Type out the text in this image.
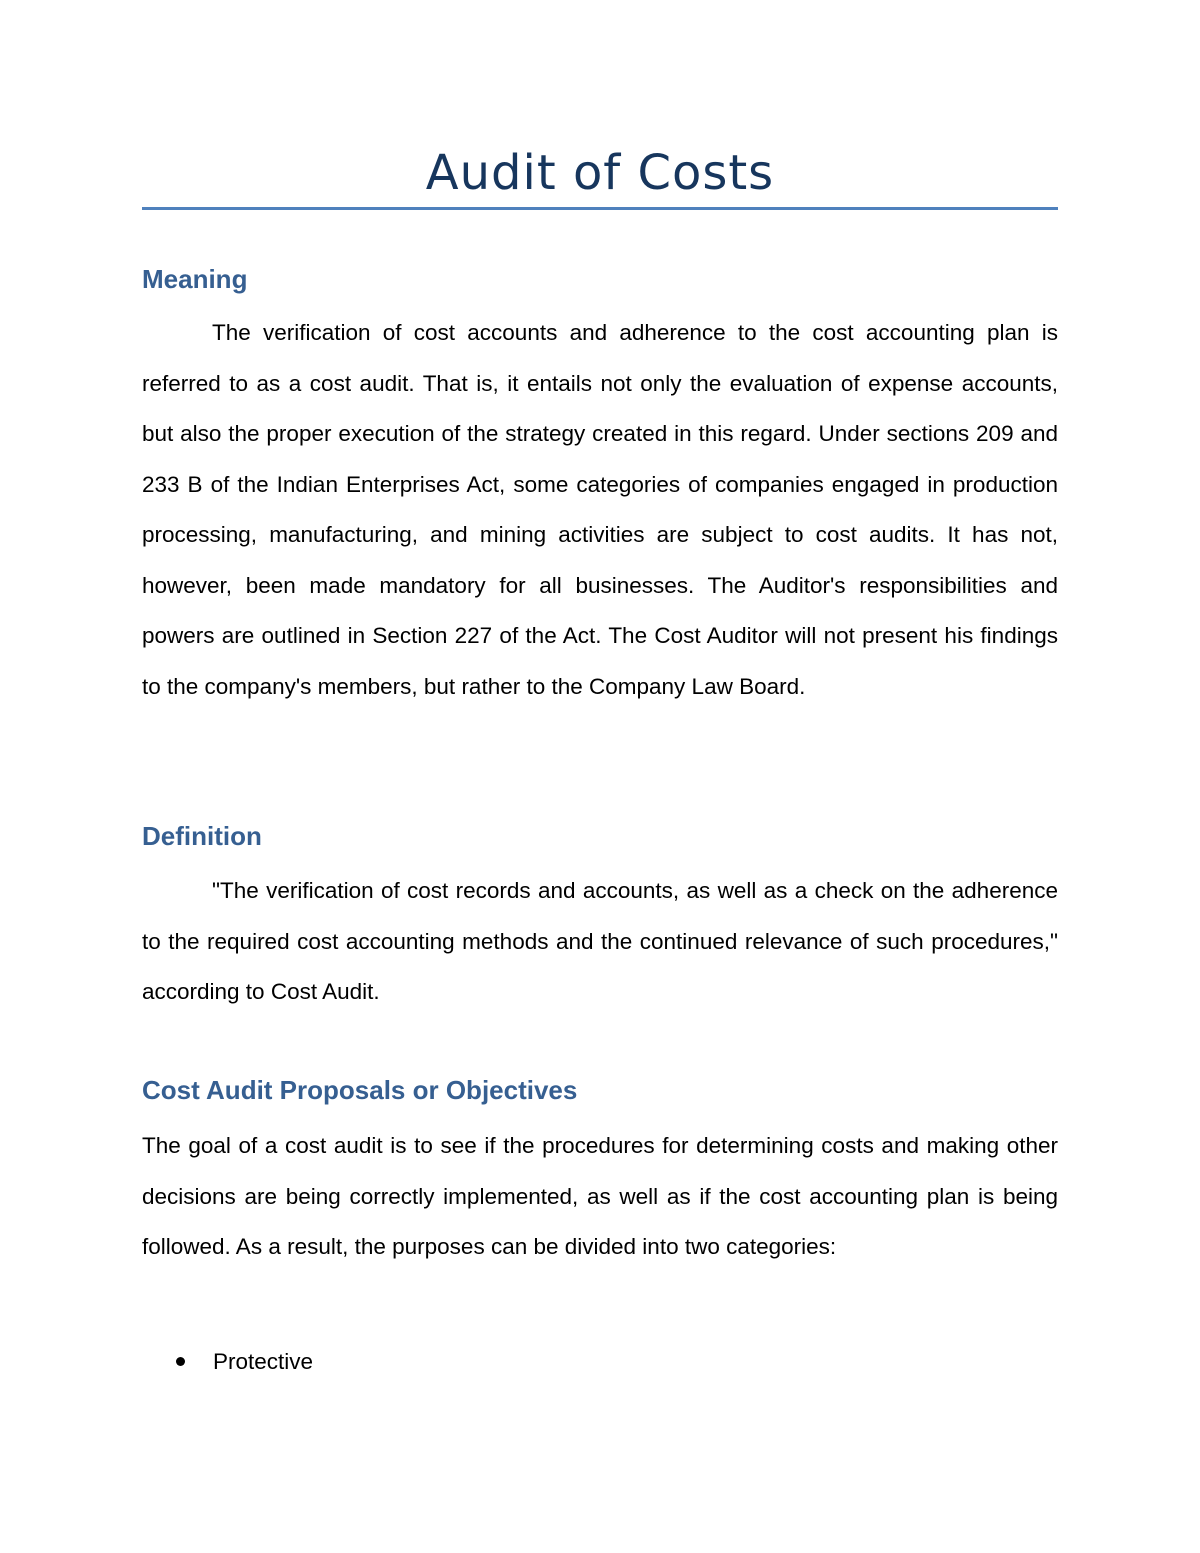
Audit of Costs
Meaning

The verification of cost accounts and adherence to the cost accounting plan is referred to as a cost audit. That is, it entails not only the evaluation of expense accounts, but also the proper execution of the strategy created in this regard. Under sections 209 and 233 B of the Indian Enterprises Act, some categories of companies engaged in production processing, manufacturing, and mining activities are subject to cost audits. It has not, however, been made mandatory for all businesses. The Auditor's responsibilities and powers are outlined in Section 227 of the Act. The Cost Auditor will not present his findings to the company's members, but rather to the Company Law Board.

Definition

"The verification of cost records and accounts, as well as a check on the adherence to the required cost accounting methods and the continued relevance of such procedures," according to Cost Audit.

Cost Audit Proposals or Objectives

The goal of a cost audit is to see if the procedures for determining costs and making other decisions are being correctly implemented, as well as if the cost accounting plan is being followed. As a result, the purposes can be divided into two categories:

Protective
